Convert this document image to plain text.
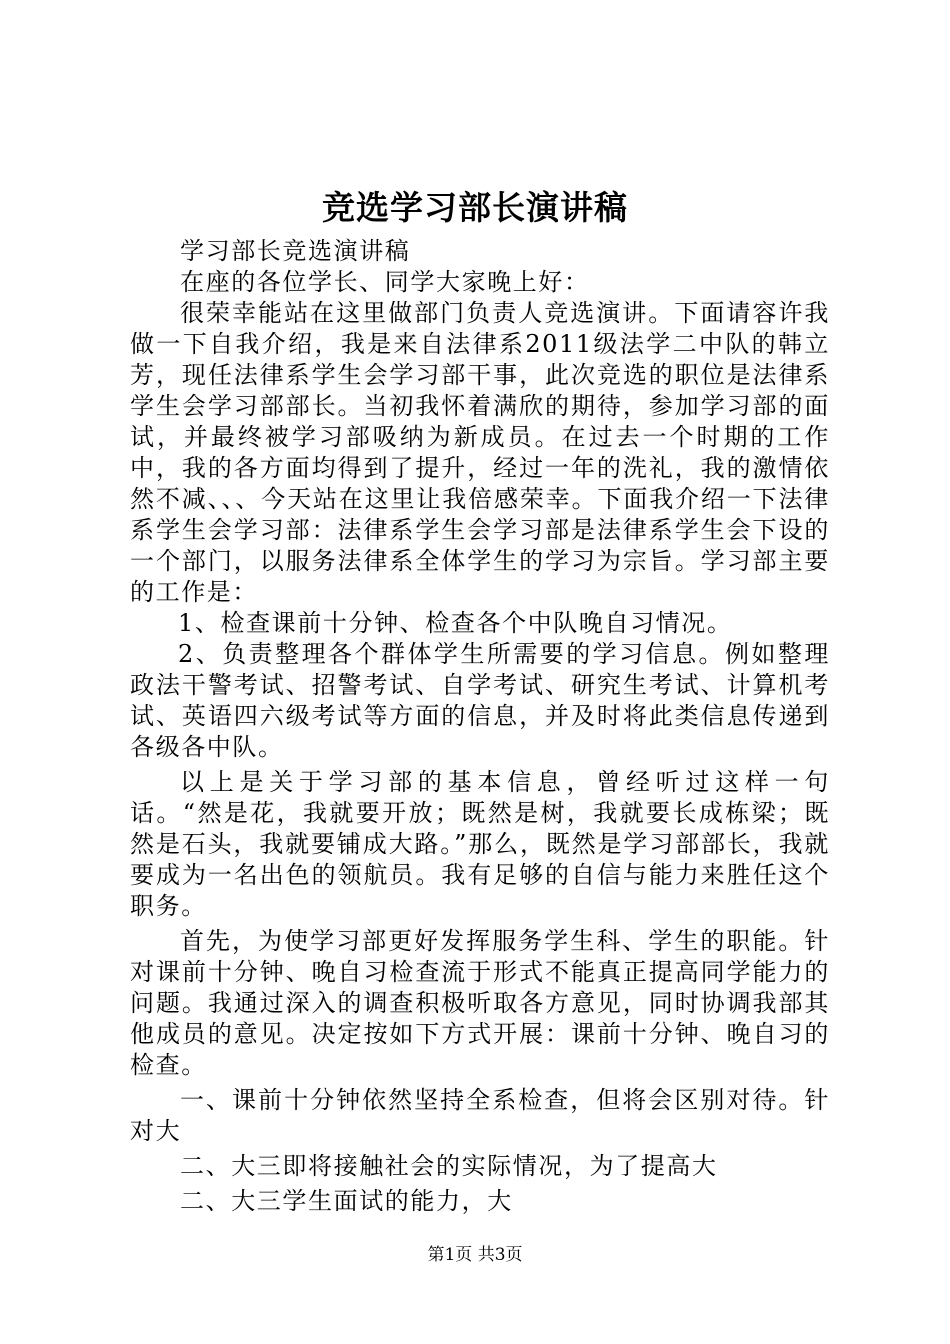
竞选学习部长演讲稿

学习部长竞选演讲稿

在座的各位学长、同学大家晚上好：

很荣幸能站在这里做部门负责人竞选演讲。下面请容许我做一下自我介绍，我是来自法律系2011级法学二中队的韩立芳，现任法律系学生会学习部干事，此次竞选的职位是法律系学生会学习部部长。当初我怀着满欣的期待，参加学习部的面试，并最终被学习部吸纳为新成员。在过去一个时期的工作中，我的各方面均得到了提升，经过一年的洗礼，我的激情依然不减、、、今天站在这里让我倍感荣幸。下面我介绍一下法律系学生会学习部：法律系学生会学习部是法律系学生会下设的一个部门，以服务法律系全体学生的学习为宗旨。学习部主要的工作是：

1、检查课前十分钟、检查各个中队晚自习情况。

2、负责整理各个群体学生所需要的学习信息。例如整理政法干警考试、招警考试、自学考试、研究生考试、计算机考试、英语四六级考试等方面的信息，并及时将此类信息传递到各级各中队。

以上是关于学习部的基本信息，曾经听过这样一句话。“然是花，我就要开放；既然是树，我就要长成栋梁；既然是石头，我就要铺成大路。”那么，既然是学习部部长，我就要成为一名出色的领航员。我有足够的自信与能力来胜任这个职务。

首先，为使学习部更好发挥服务学生科、学生的职能。针对课前十分钟、晚自习检查流于形式不能真正提高同学能力的问题。我通过深入的调查积极听取各方意见，同时协调我部其他成员的意见。决定按如下方式开展：课前十分钟、晚自习的检查。

一、课前十分钟依然坚持全系检查，但将会区别对待。针对大

二、大三即将接触社会的实际情况，为了提高大

二、大三学生面试的能力，大

第1页 共3页
